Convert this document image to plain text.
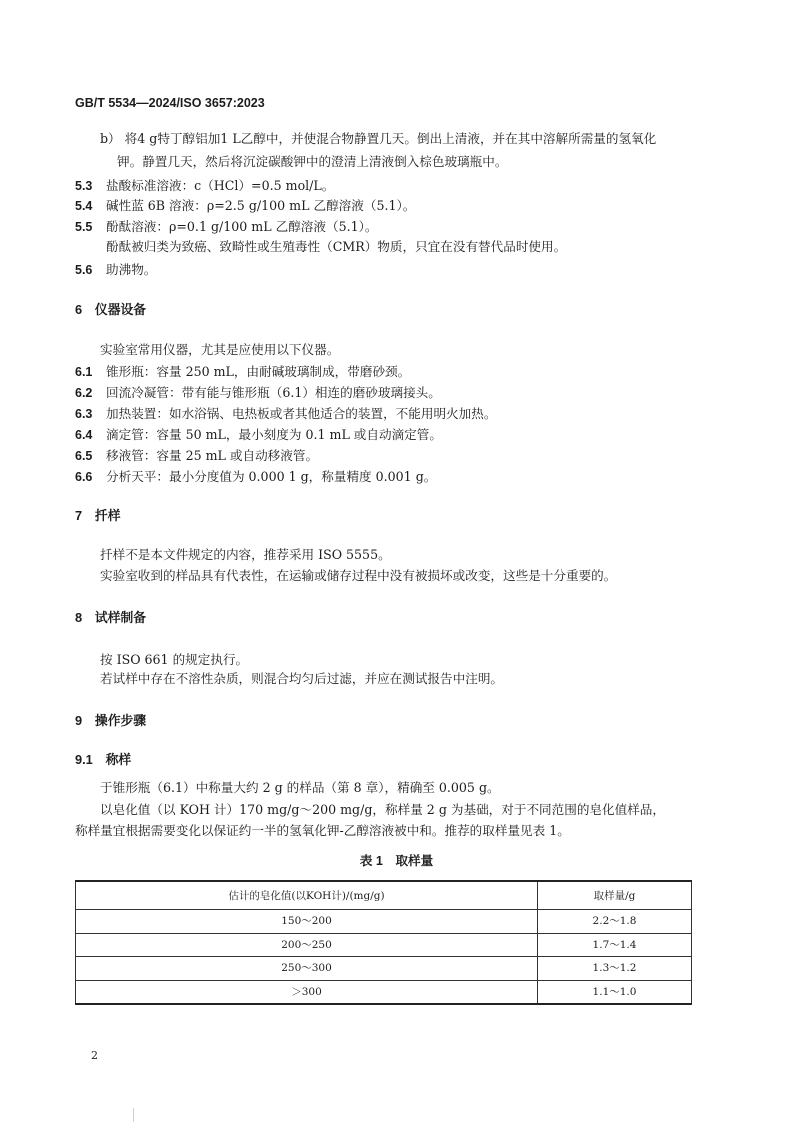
GB/T 5534—2024/ISO 3657:2023
b） 将4 g特丁醇铝加1 L乙醇中，并使混合物静置几天。倒出上清液，并在其中溶解所需量的氢氧化
钾。静置几天，然后将沉淀碳酸钾中的澄清上清液倒入棕色玻璃瓶中。
5.3 盐酸标准溶液：c（HCl）=0.5 mol/L。
5.4 碱性蓝 6B 溶液：ρ=2.5 g/100 mL 乙醇溶液（5.1）。
5.5 酚酞溶液：ρ=0.1 g/100 mL 乙醇溶液（5.1）。
酚酞被归类为致癌、致畸性或生殖毒性（CMR）物质，只宜在没有替代品时使用。
5.6 助沸物。
6　仪器设备
实验室常用仪器，尤其是应使用以下仪器。
6.1 锥形瓶：容量 250 mL，由耐碱玻璃制成，带磨砂颈。
6.2 回流冷凝管：带有能与锥形瓶（6.1）相连的磨砂玻璃接头。
6.3 加热装置：如水浴锅、电热板或者其他适合的装置，不能用明火加热。
6.4 滴定管：容量 50 mL，最小刻度为 0.1 mL 或自动滴定管。
6.5 移液管：容量 25 mL 或自动移液管。
6.6 分析天平：最小分度值为 0.000 1 g，称量精度 0.001 g。
7　扦样
扦样不是本文件规定的内容，推荐采用 ISO 5555。
实验室收到的样品具有代表性，在运输或储存过程中没有被损坏或改变，这些是十分重要的。
8　试样制备
按 ISO 661 的规定执行。
若试样中存在不溶性杂质，则混合均匀后过滤，并应在测试报告中注明。
9　操作步骤
9.1　称样
于锥形瓶（6.1）中称量大约 2 g 的样品（第 8 章），精确至 0.005 g。
以皂化值（以 KOH 计）170 mg/g～200 mg/g，称样量 2 g 为基础，对于不同范围的皂化值样品，
称样量宜根据需要变化以保证约一半的氢氧化钾-乙醇溶液被中和。推荐的取样量见表 1。
表 1　取样量
估计的皂化值(以KOH计)/(mg/g)	取样量/g
150～200	2.2～1.8
200～250	1.7～1.4
250～300	1.3～1.2
＞300	1.1～1.0
2
